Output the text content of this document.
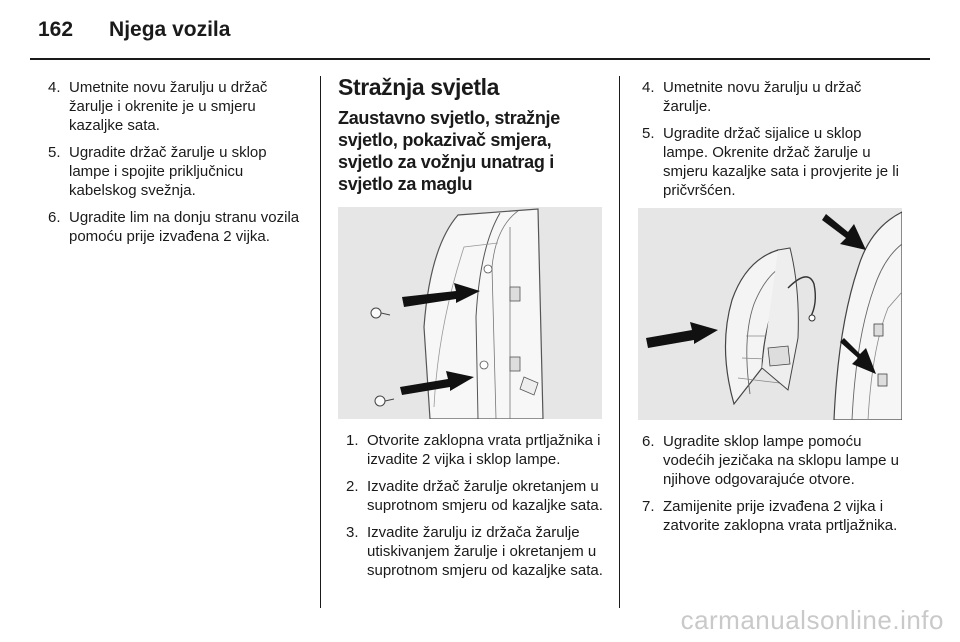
162 Njega vozila
4. Umetnite novu žarulju u držač žarulje i okrenite je u smjeru kazaljke sata.
5. Ugradite držač žarulje u sklop lampe i spojite priključnicu kabelskog svežnja.
6. Ugradite lim na donju stranu vozila pomoću prije izvađena 2 vijka.
Stražnja svjetla
Zaustavno svjetlo, stražnje svjetlo, pokazivač smjera, svjetlo za vožnju unatrag i svjetlo za maglu
1. Otvorite zaklopna vrata prtljažnika i izvadite 2 vijka i sklop lampe.
2. Izvadite držač žarulje okretanjem u suprotnom smjeru od kazaljke sata.
3. Izvadite žarulju iz držača žarulje utiskivanjem žarulje i okretanjem u suprotnom smjeru od kazaljke sata.
4. Umetnite novu žarulju u držač žarulje.
5. Ugradite držač sijalice u sklop lampe. Okrenite držač žarulje u smjeru kazaljke sata i provjerite je li pričvršćen.
6. Ugradite sklop lampe pomoću vodećih jezičaka na sklopu lampe u njihove odgovarajuće otvore.
7. Zamijenite prije izvađena 2 vijka i zatvorite zaklopna vrata prtljažnika.
carmanualsonline.info
